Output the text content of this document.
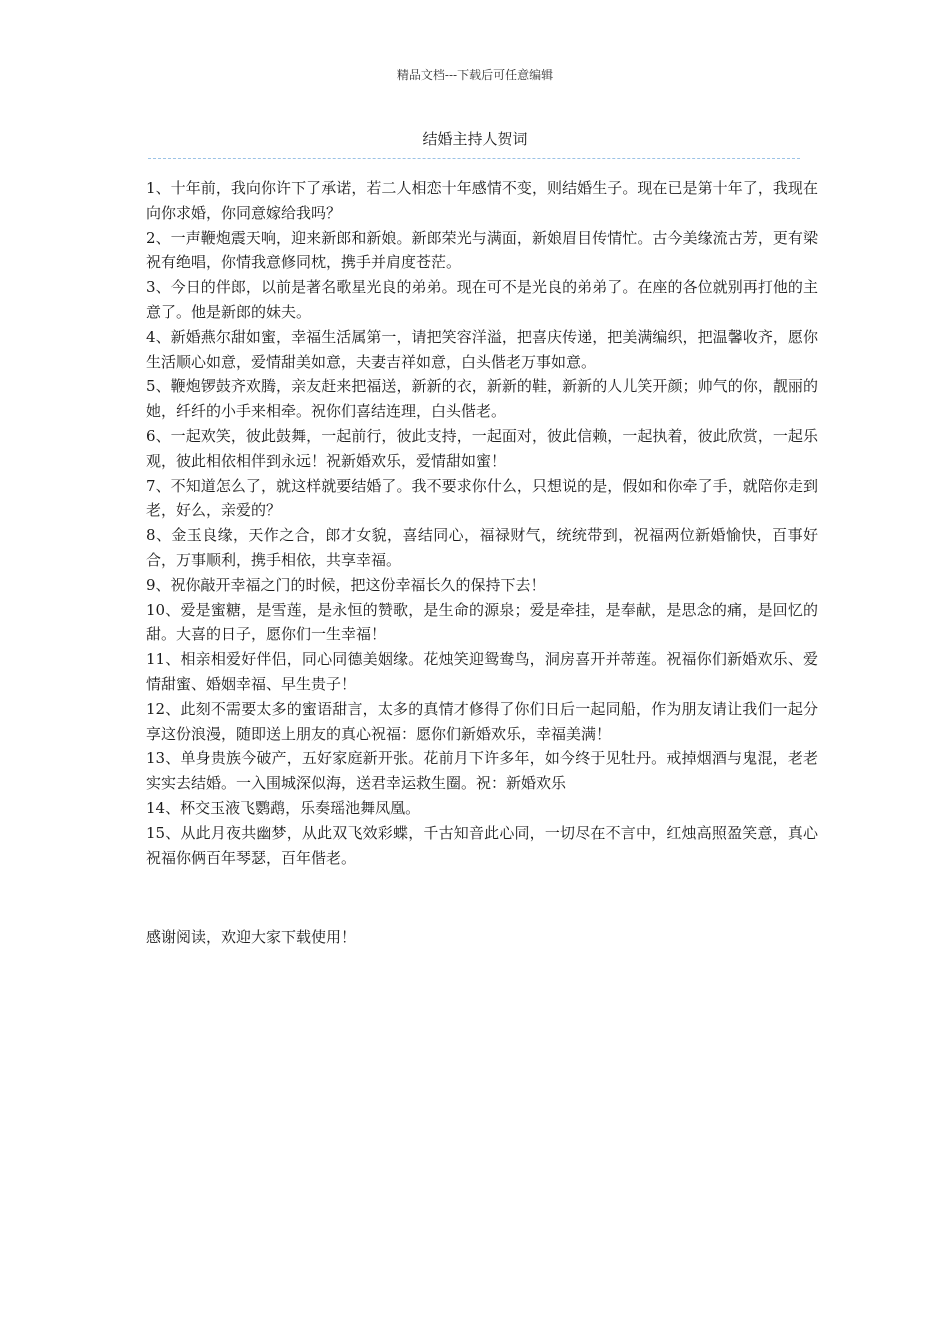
精品文档---下载后可任意编辑
结婚主持人贺词

1、十年前，我向你许下了承诺，若二人相恋十年感情不变，则结婚生子。现在已是第十年了，我现在向你求婚，你同意嫁给我吗？

2、一声鞭炮震天响，迎来新郎和新娘。新郎荣光与满面，新娘眉目传情忙。古今美缘流古芳，更有梁祝有绝唱，你情我意修同枕，携手并肩度苍茫。

3、今日的伴郎，以前是著名歌星光良的弟弟。现在可不是光良的弟弟了。在座的各位就别再打他的主意了。他是新郎的妹夫。

4、新婚燕尔甜如蜜，幸福生活属第一，请把笑容洋溢，把喜庆传递，把美满编织，把温馨收齐，愿你生活顺心如意，爱情甜美如意，夫妻吉祥如意，白头偕老万事如意。

5、鞭炮锣鼓齐欢腾，亲友赶来把福送，新新的衣，新新的鞋，新新的人儿笑开颜；帅气的你，靓丽的她，纤纤的小手来相牵。祝你们喜结连理，白头偕老。

6、一起欢笑，彼此鼓舞，一起前行，彼此支持，一起面对，彼此信赖，一起执着，彼此欣赏，一起乐观，彼此相依相伴到永远！祝新婚欢乐，爱情甜如蜜！

7、不知道怎么了，就这样就要结婚了。我不要求你什么，只想说的是，假如和你牵了手，就陪你走到老，好么，亲爱的？

8、金玉良缘，天作之合，郎才女貌，喜结同心，福禄财气，统统带到，祝福两位新婚愉快，百事好合，万事顺利，携手相依，共享幸福。

9、祝你敲开幸福之门的时候，把这份幸福长久的保持下去！

10、爱是蜜糖，是雪莲，是永恒的赞歌，是生命的源泉；爱是牵挂，是奉献，是思念的痛，是回忆的甜。大喜的日子，愿你们一生幸福！

11、相亲相爱好伴侣，同心同德美姻缘。花烛笑迎鸳鸯鸟，洞房喜开并蒂莲。祝福你们新婚欢乐、爱情甜蜜、婚姻幸福、早生贵子！

12、此刻不需要太多的蜜语甜言，太多的真情才修得了你们日后一起同船，作为朋友请让我们一起分享这份浪漫，随即送上朋友的真心祝福：愿你们新婚欢乐，幸福美满！

13、单身贵族今破产，五好家庭新开张。花前月下许多年，如今终于见牡丹。戒掉烟酒与鬼混，老老实实去结婚。一入围城深似海，送君幸运救生圈。祝：新婚欢乐

14、杯交玉液飞鹦鹉，乐奏瑶池舞凤凰。

15、从此月夜共幽梦，从此双飞效彩蝶，千古知音此心同，一切尽在不言中，红烛高照盈笑意，真心祝福你俩百年琴瑟，百年偕老。

感谢阅读，欢迎大家下载使用！
